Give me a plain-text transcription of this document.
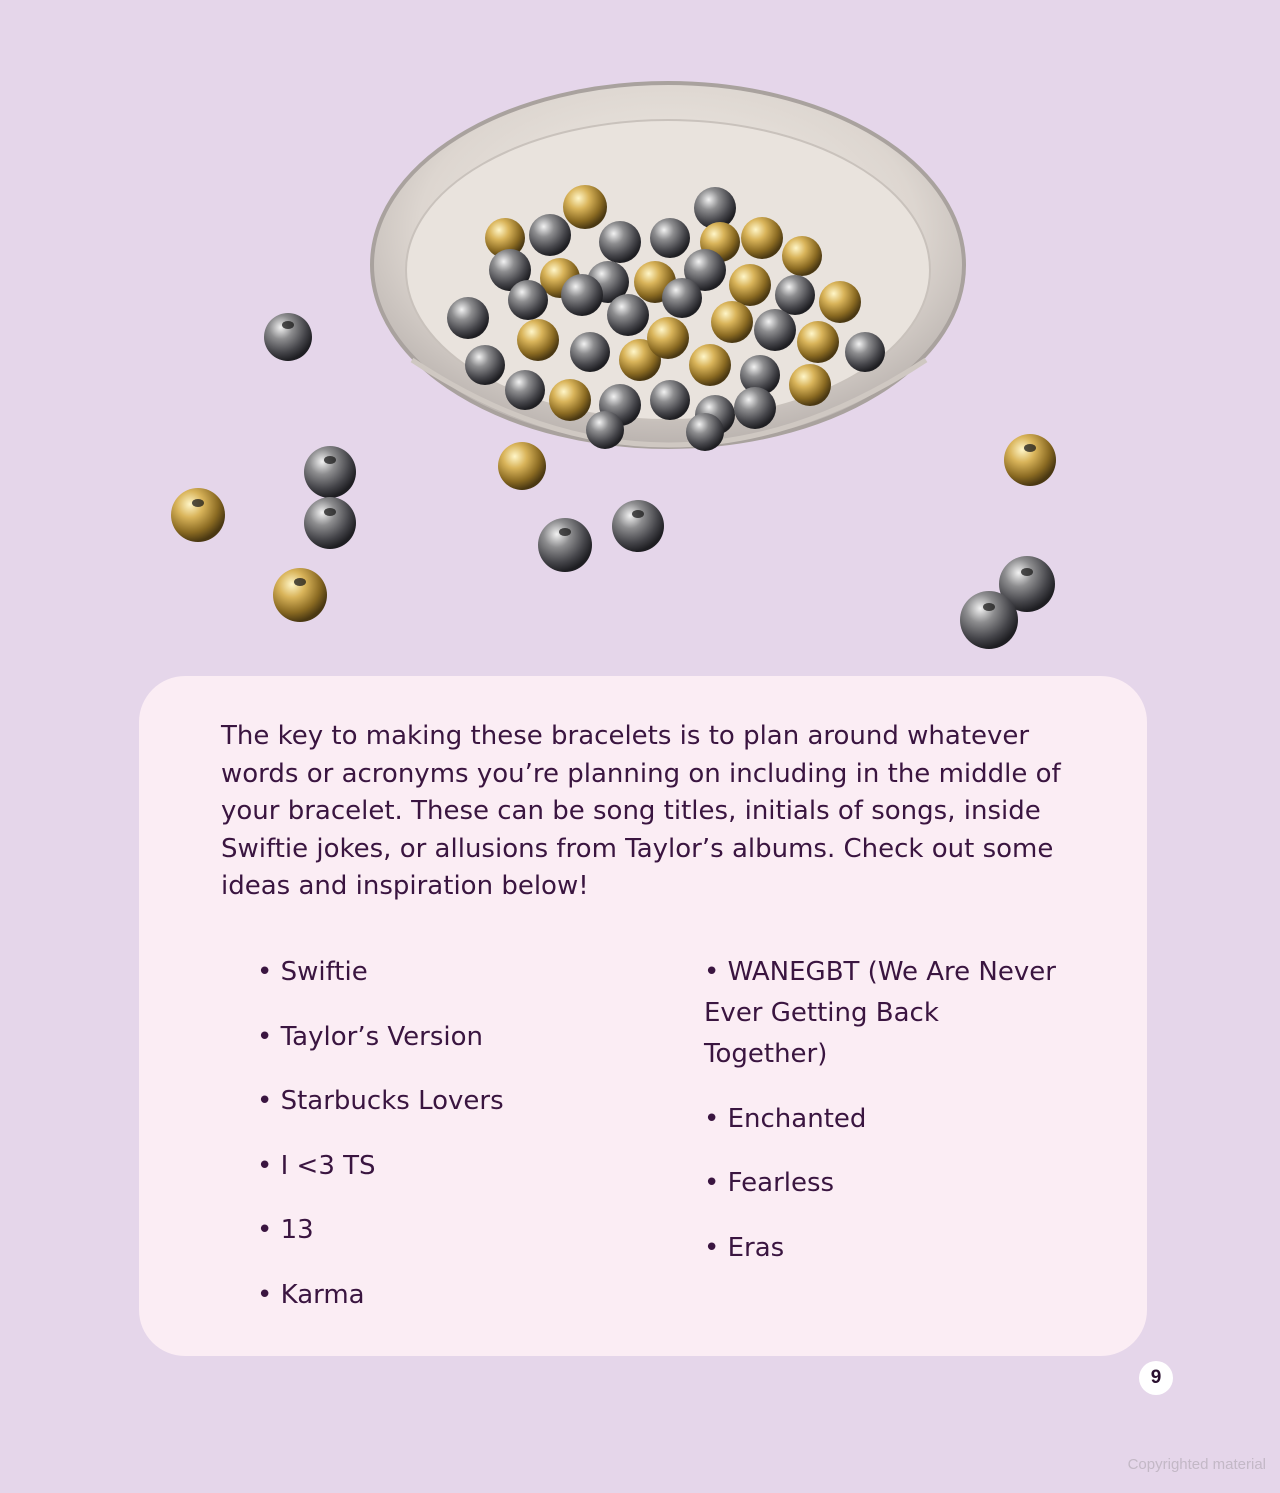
The key to making these bracelets is to plan around whatever words or acronyms you’re planning on including in the middle of your bracelet. These can be song titles, initials of songs, inside Swiftie jokes, or allusions from Taylor’s albums. Check out some ideas and inspiration below!

• Swiftie
• Taylor’s Version
• Starbucks Lovers
• I <3 TS
• 13
• Karma
• WANEGBT (We Are Never Ever Getting Back Together)
• Enchanted
• Fearless
• Eras
9
Copyrighted material
